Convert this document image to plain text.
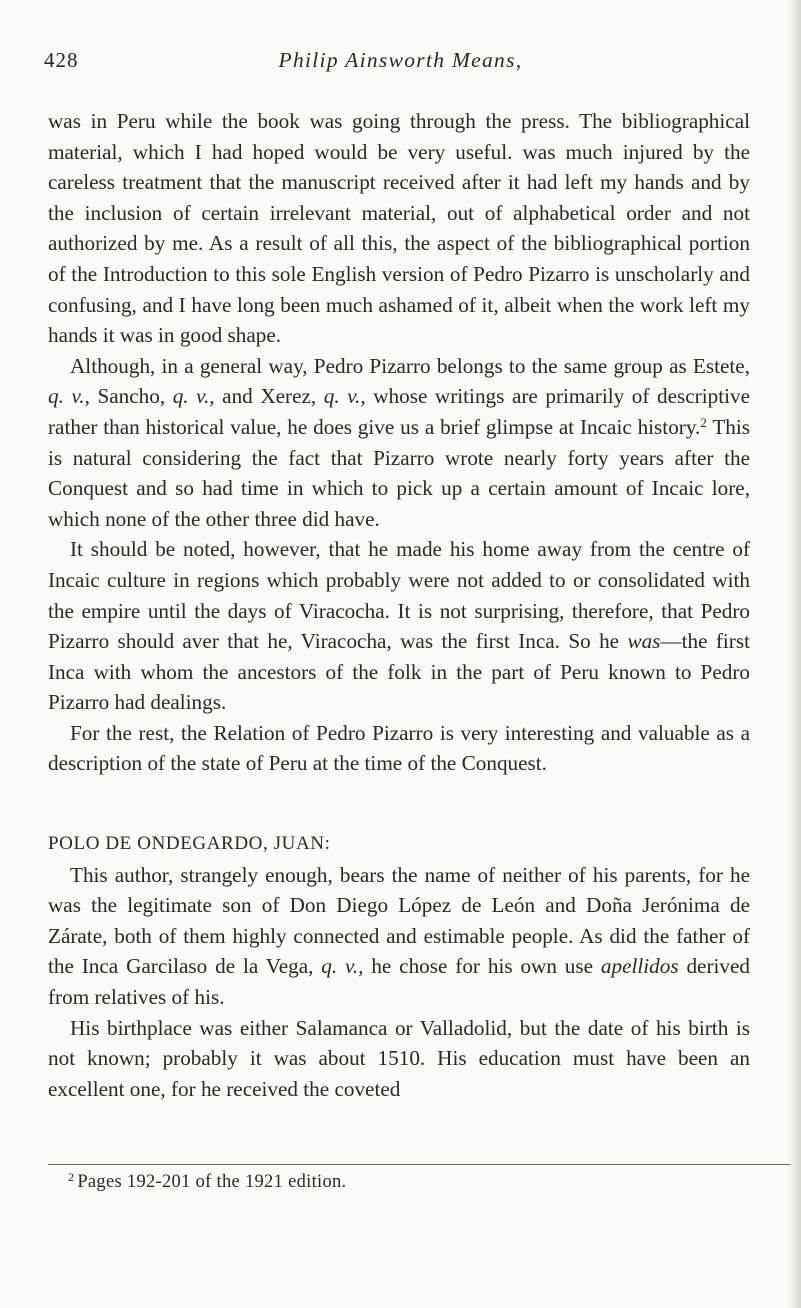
428	Philip Ainsworth Means,

was in Peru while the book was going through the press. The bibliographical material, which I had hoped would be very useful. was much injured by the careless treatment that the manuscript received after it had left my hands and by the inclusion of certain irrelevant material, out of alphabetical order and not authorized by me. As a result of all this, the aspect of the bibliographical portion of the Introduction to this sole English version of Pedro Pizarro is unscholarly and confusing, and I have long been much ashamed of it, albeit when the work left my hands it was in good shape.

Although, in a general way, Pedro Pizarro belongs to the same group as Estete, q. v., Sancho, q. v., and Xerez, q. v., whose writings are primarily of descriptive rather than historical value, he does give us a brief glimpse at Incaic history.$^2$ This is natural considering the fact that Pizarro wrote nearly forty years after the Conquest and so had time in which to pick up a certain amount of Incaic lore, which none of the other three did have.

It should be noted, however, that he made his home away from the centre of Incaic culture in regions which probably were not added to or consolidated with the empire until the days of Viracocha. It is not surprising, therefore, that Pedro Pizarro should aver that he, Viracocha, was the first Inca. So he was—the first Inca with whom the ancestors of the folk in the part of Peru known to Pedro Pizarro had dealings.

For the rest, the Relation of Pedro Pizarro is very interesting and valuable as a description of the state of Peru at the time of the Conquest.

POLO DE ONDEGARDO, JUAN:

This author, strangely enough, bears the name of neither of his parents, for he was the legitimate son of Don Diego López de León and Doña Jerónima de Zárate, both of them highly connected and estimable people. As did the father of the Inca Garcilaso de la Vega, q. v., he chose for his own use apellidos derived from relatives of his.

His birthplace was either Salamanca or Valladolid, but the date of his birth is not known; probably it was about 1510. His education must have been an excellent one, for he received the coveted

$^2$ Pages 192-201 of the 1921 edition.
